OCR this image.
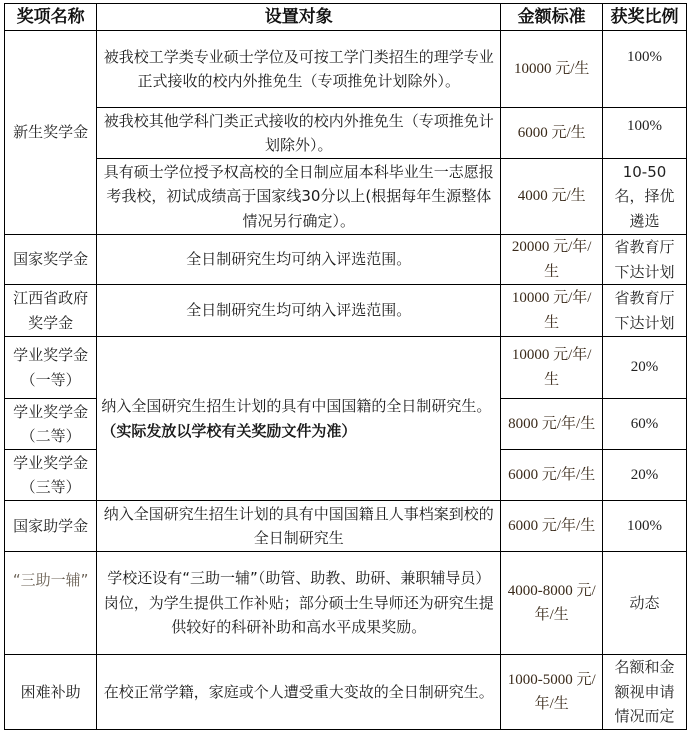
奖项名称	设置对象	金额标准	获奖比例
新生奖学金	被我校工学类专业硕士学位及可按工学门类招生的理学专业正式接收的校内外推免生（专项推免计划除外）。	10000 元/生	100%
	被我校其他学科门类正式接收的校内外推免生（专项推免计划除外）。	6000 元/生	100%
	具有硕士学位授予权高校的全日制应届本科毕业生一志愿报考我校，初试成绩高于国家线30分以上(根据每年生源整体情况另行确定）。	4000 元/生	10-50 名，择优遴选
国家奖学金	全日制研究生均可纳入评选范围。	20000 元/年/生	省教育厅下达计划
江西省政府奖学金	全日制研究生均可纳入评选范围。	10000 元/年/生	省教育厅下达计划
学业奖学金（一等）	纳入全国研究生招生计划的具有中国国籍的全日制研究生。（实际发放以学校有关奖励文件为准）	10000 元/年/生	20%
学业奖学金（二等）		8000 元/年/生	60%
学业奖学金（三等）		6000 元/年/生	20%
国家助学金	纳入全国研究生招生计划的具有中国国籍且人事档案到校的全日制研究生	6000 元/年/生	100%
“三助一辅”	学校还设有“三助一辅”（助管、助教、助研、兼职辅导员）岗位，为学生提供工作补贴；部分硕士生导师还为研究生提供较好的科研补助和高水平成果奖励。	4000-8000 元/年/生	动态
困难补助	在校正常学籍，家庭或个人遭受重大变故的全日制研究生。	1000-5000 元/年/生	名额和金额视申请情况而定
